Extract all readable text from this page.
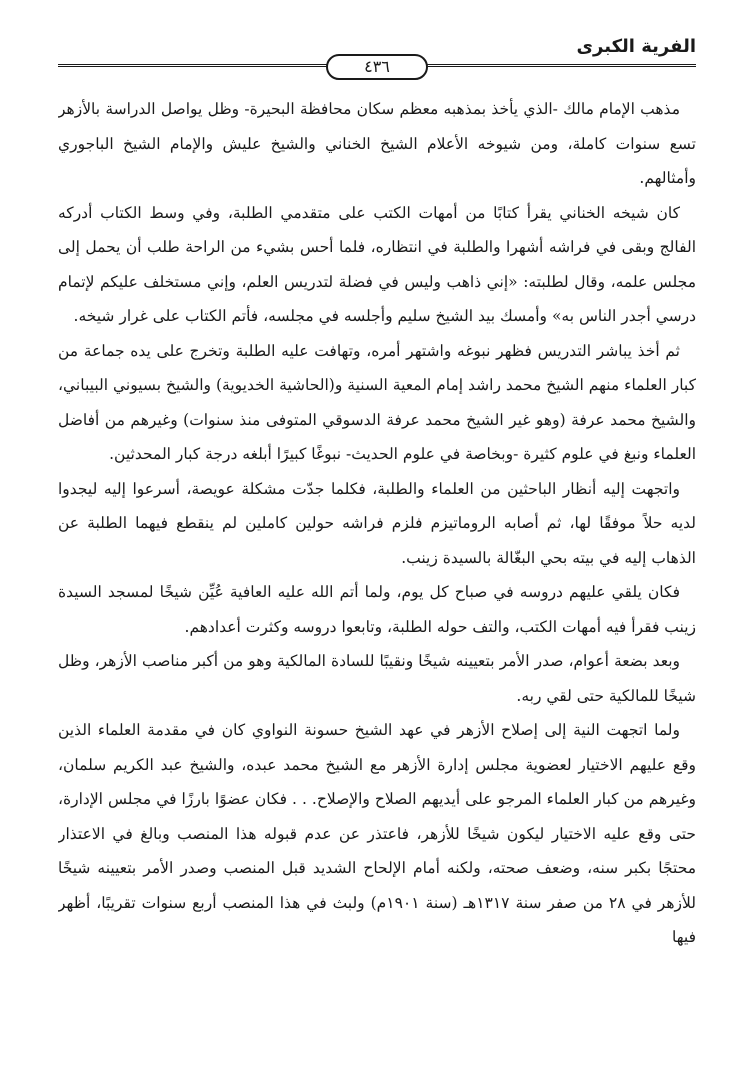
الفرية الكبرى
٤٣٦

مذهب الإمام مالك -الذي يأخذ بمذهبه معظم سكان محافظة البحيرة- وظل يواصل الدراسة بالأزهر تسع سنوات كاملة، ومن شيوخه الأعلام الشيخ الخناني والشيخ عليش والإمام الشيخ الباجوري وأمثالهم.

كان شيخه الخناني يقرأ كتابًا من أمهات الكتب على متقدمي الطلبة، وفي وسط الكتاب أدركه الفالج وبقى في فراشه أشهرا والطلبة في انتظاره، فلما أحس بشيء من الراحة طلب أن يحمل إلى مجلس علمه، وقال لطلبته: «إني ذاهب وليس في فضلة لتدريس العلم، وإني مستخلف عليكم لإتمام درسي أجدر الناس به» وأمسك بيد الشيخ سليم وأجلسه في مجلسه، فأتم الكتاب على غرار شيخه.

ثم أخذ يباشر التدريس فظهر نبوغه واشتهر أمره، وتهافت عليه الطلبة وتخرج على يده جماعة من كبار العلماء منهم الشيخ محمد راشد إمام المعية السنية و(الحاشية الخديوية) والشيخ بسيوني البيباني، والشيخ محمد عرفة (وهو غير الشيخ محمد عرفة الدسوقي المتوفى منذ سنوات) وغيرهم من أفاضل العلماء ونبغ في علوم كثيرة -وبخاصة في علوم الحديث- نبوغًا كبيرًا أبلغه درجة كبار المحدثين.

واتجهت إليه أنظار الباحثين من العلماء والطلبة، فكلما جدّت مشكلة عويصة، أسرعوا إليه ليجدوا لديه حلاً موفقًا لها، ثم أصابه الروماتيزم فلزم فراشه حولين كاملين لم ينقطع فيهما الطلبة عن الذهاب إليه في بيته بحي البغّالة بالسيدة زينب.

فكان يلقي عليهم دروسه في صباح كل يوم، ولما أتم الله عليه العافية عُيِّن شيخًا لمسجد السيدة زينب فقرأ فيه أمهات الكتب، والتف حوله الطلبة، وتابعوا دروسه وكثرت أعدادهم.

وبعد بضعة أعوام، صدر الأمر بتعيينه شيخًا ونقيبًا للسادة المالكية وهو من أكبر مناصب الأزهر، وظل شيخًا للمالكية حتى لقي ربه.

ولما اتجهت النية إلى إصلاح الأزهر في عهد الشيخ حسونة النواوي كان في مقدمة العلماء الذين وقع عليهم الاختيار لعضوية مجلس إدارة الأزهر مع الشيخ محمد عبده، والشيخ عبد الكريم سلمان، وغيرهم من كبار العلماء المرجو على أيديهم الصلاح والإصلاح. . . فكان عضوًا بارزًا في مجلس الإدارة، حتى وقع عليه الاختيار ليكون شيخًا للأزهر، فاعتذر عن عدم قبوله هذا المنصب وبالغ في الاعتذار محتجًا بكبر سنه، وضعف صحته، ولكنه أمام الإلحاح الشديد قبل المنصب وصدر الأمر بتعيينه شيخًا للأزهر في ٢٨ من صفر سنة ١٣١٧هـ (سنة ١٩٠١م) ولبث في هذا المنصب أربع سنوات تقريبًا، أظهر فيها
